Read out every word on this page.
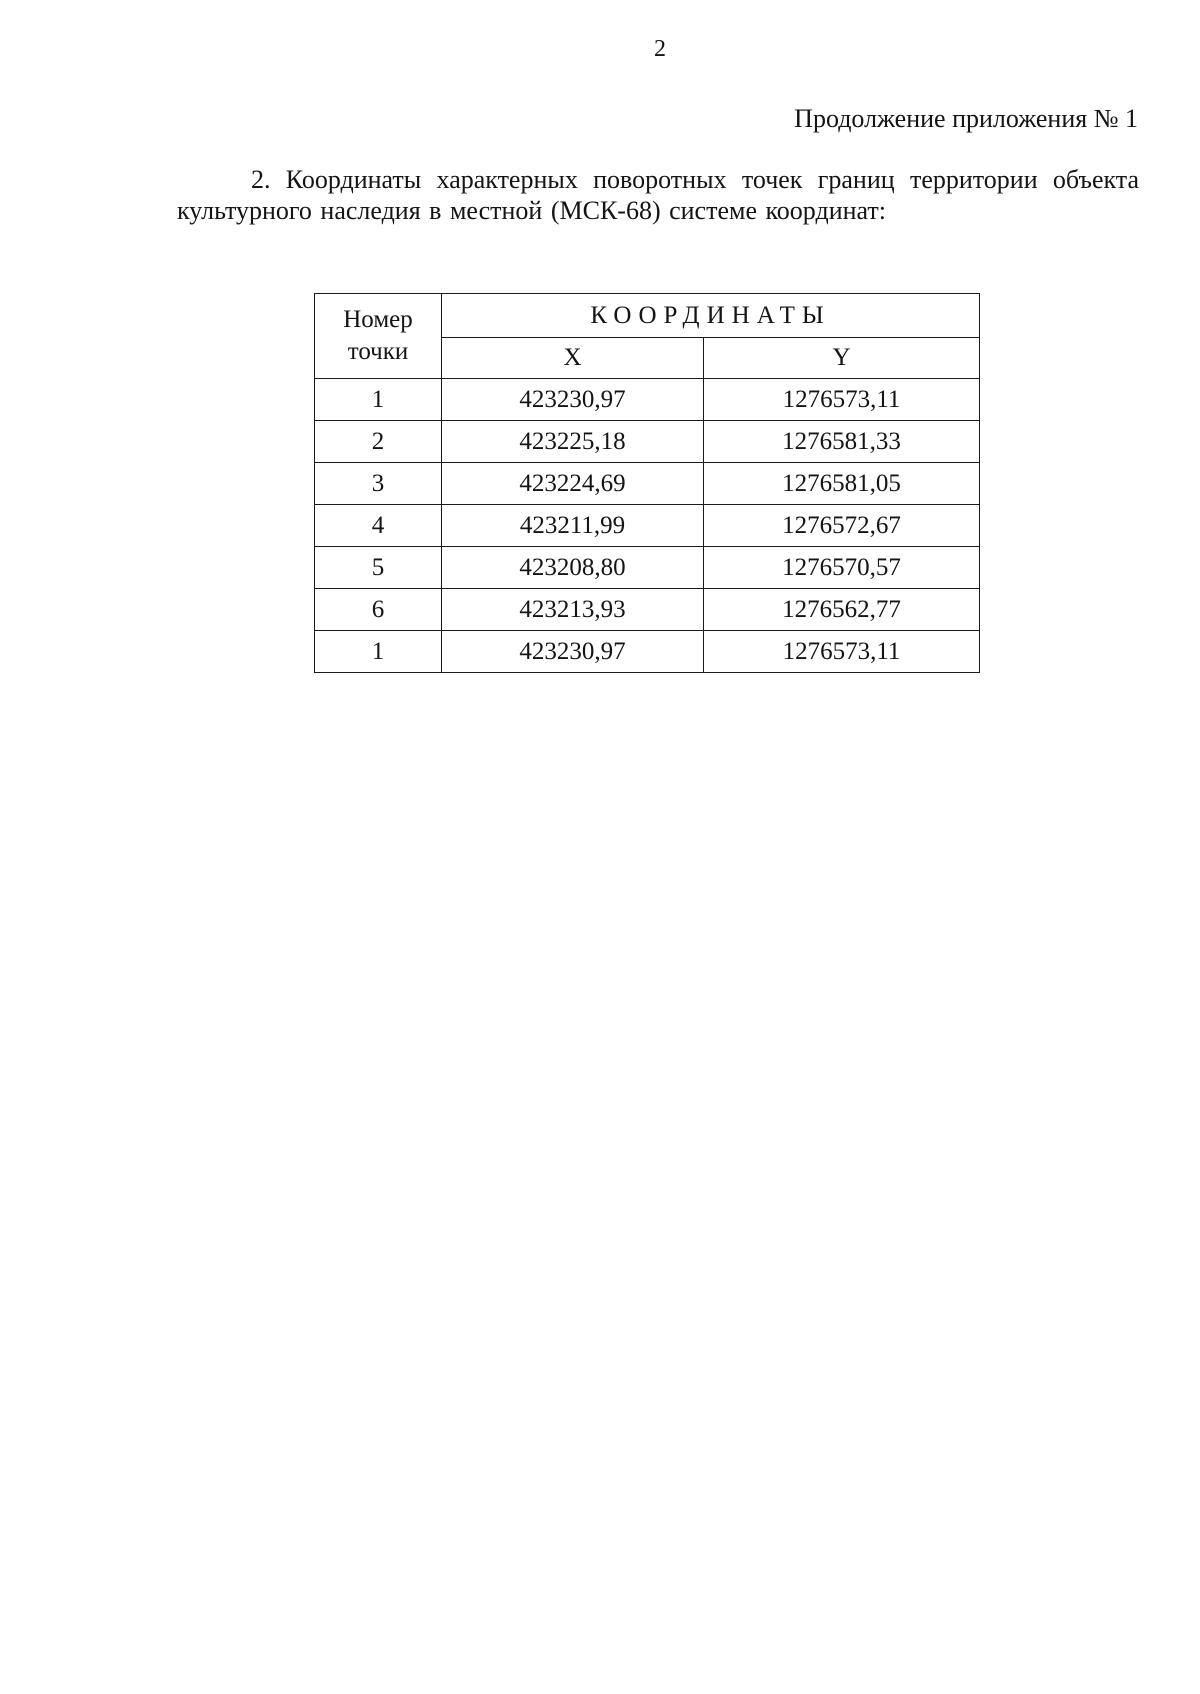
2
Продолжение приложения № 1

2. Координаты характерных поворотных точек границ территории объекта культурного наследия в местной (МСК-68) системе координат:

Номер
точки	КООРДИНАТЫ	
	X	Y
1	423230,97	1276573,11
2	423225,18	1276581,33
3	423224,69	1276581,05
4	423211,99	1276572,67
5	423208,80	1276570,57
6	423213,93	1276562,77
1	423230,97	1276573,11
